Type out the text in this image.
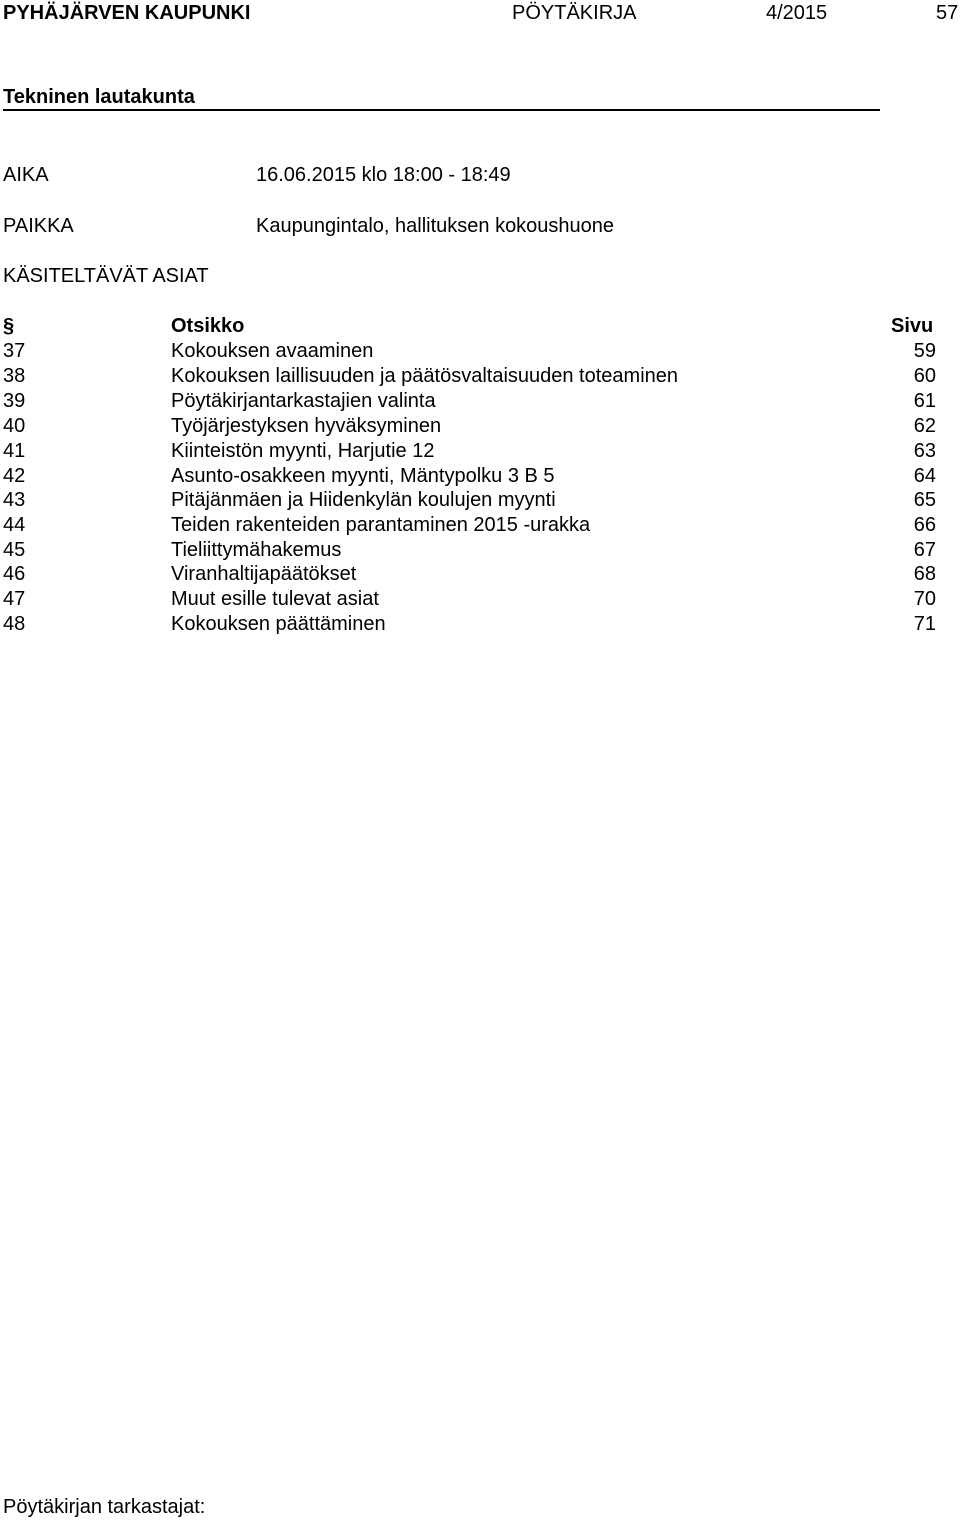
PYHÄJÄRVEN KAUPUNKI	PÖYTÄKIRJA	4/2015	57
Tekninen lautakunta
AIKA	16.06.2015 klo 18:00 - 18:49
PAIKKA	Kaupungintalo, hallituksen kokoushuone
KÄSITELTÄVÄT ASIAT
§	Otsikko	Sivu
37	Kokouksen avaaminen	59
38	Kokouksen laillisuuden ja päätösvaltaisuuden toteaminen	60
39	Pöytäkirjantarkastajien valinta	61
40	Työjärjestyksen hyväksyminen	62
41	Kiinteistön myynti, Harjutie 12	63
42	Asunto-osakkeen myynti, Mäntypolku 3 B 5	64
43	Pitäjänmäen ja Hiidenkylän koulujen myynti	65
44	Teiden rakenteiden parantaminen 2015 -urakka	66
45	Tieliittymähakemus	67
46	Viranhaltijapäätökset	68
47	Muut esille tulevat asiat	70
48	Kokouksen päättäminen	71
Pöytäkirjan tarkastajat:
